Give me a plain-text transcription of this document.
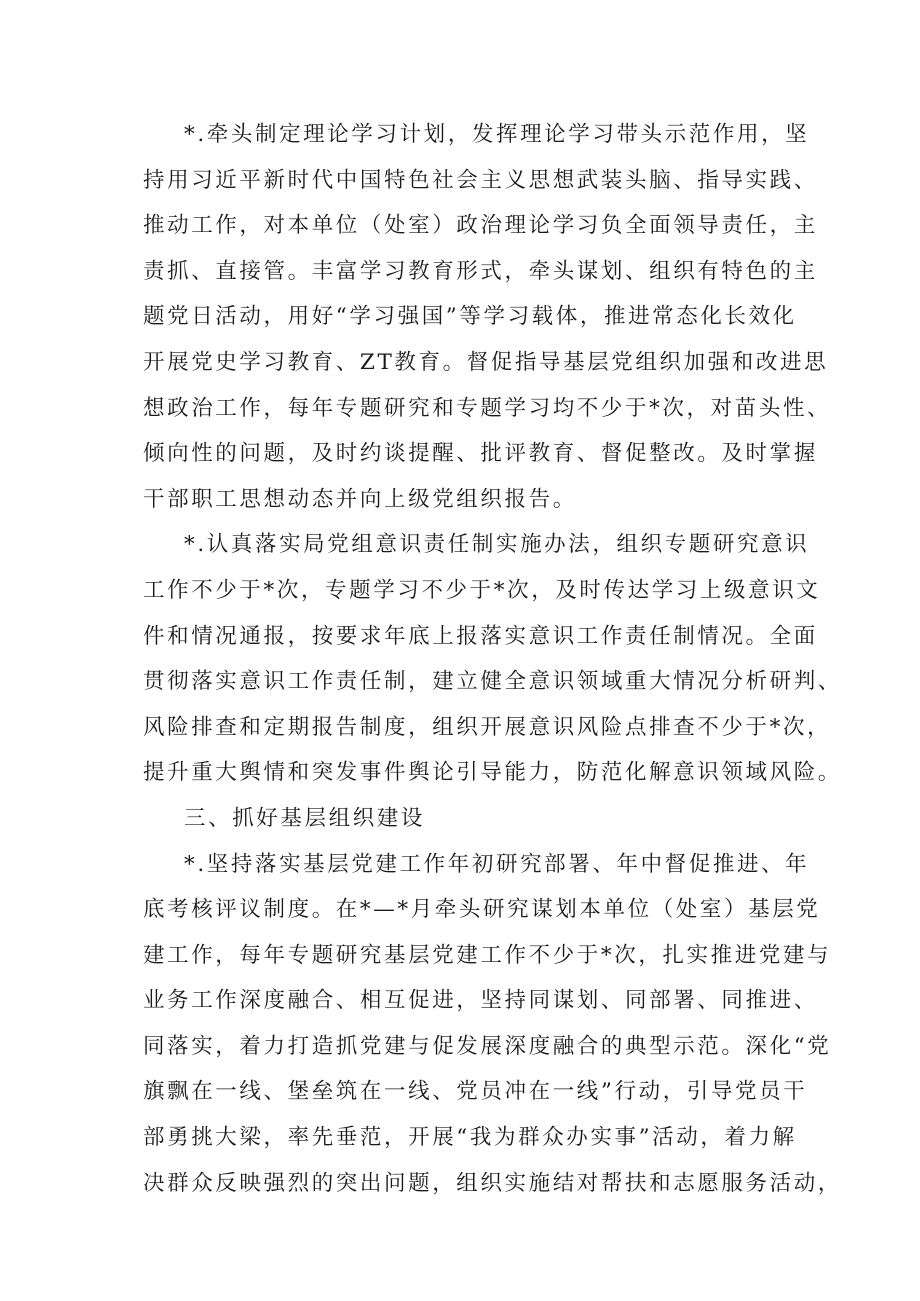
*.牵头制定理论学习计划，发挥理论学习带头示范作用，坚
持用习近平新时代中国特色社会主义思想武装头脑、指导实践、
推动工作，对本单位（处室）政治理论学习负全面领导责任，主
责抓、直接管。丰富学习教育形式，牵头谋划、组织有特色的主
题党日活动，用好“学习强国”等学习载体，推进常态化长效化
开展党史学习教育、ZT教育。督促指导基层党组织加强和改进思
想政治工作，每年专题研究和专题学习均不少于*次，对苗头性、
倾向性的问题，及时约谈提醒、批评教育、督促整改。及时掌握
干部职工思想动态并向上级党组织报告。
*.认真落实局党组意识责任制实施办法，组织专题研究意识
工作不少于*次，专题学习不少于*次，及时传达学习上级意识文
件和情况通报，按要求年底上报落实意识工作责任制情况。全面
贯彻落实意识工作责任制，建立健全意识领域重大情况分析研判、
风险排查和定期报告制度，组织开展意识风险点排查不少于*次，
提升重大舆情和突发事件舆论引导能力，防范化解意识领域风险。
三、抓好基层组织建设
*.坚持落实基层党建工作年初研究部署、年中督促推进、年
底考核评议制度。在*—*月牵头研究谋划本单位（处室）基层党
建工作，每年专题研究基层党建工作不少于*次，扎实推进党建与
业务工作深度融合、相互促进，坚持同谋划、同部署、同推进、
同落实，着力打造抓党建与促发展深度融合的典型示范。深化“党
旗飘在一线、堡垒筑在一线、党员冲在一线”行动，引导党员干
部勇挑大梁，率先垂范，开展“我为群众办实事”活动，着力解
决群众反映强烈的突出问题，组织实施结对帮扶和志愿服务活动，
